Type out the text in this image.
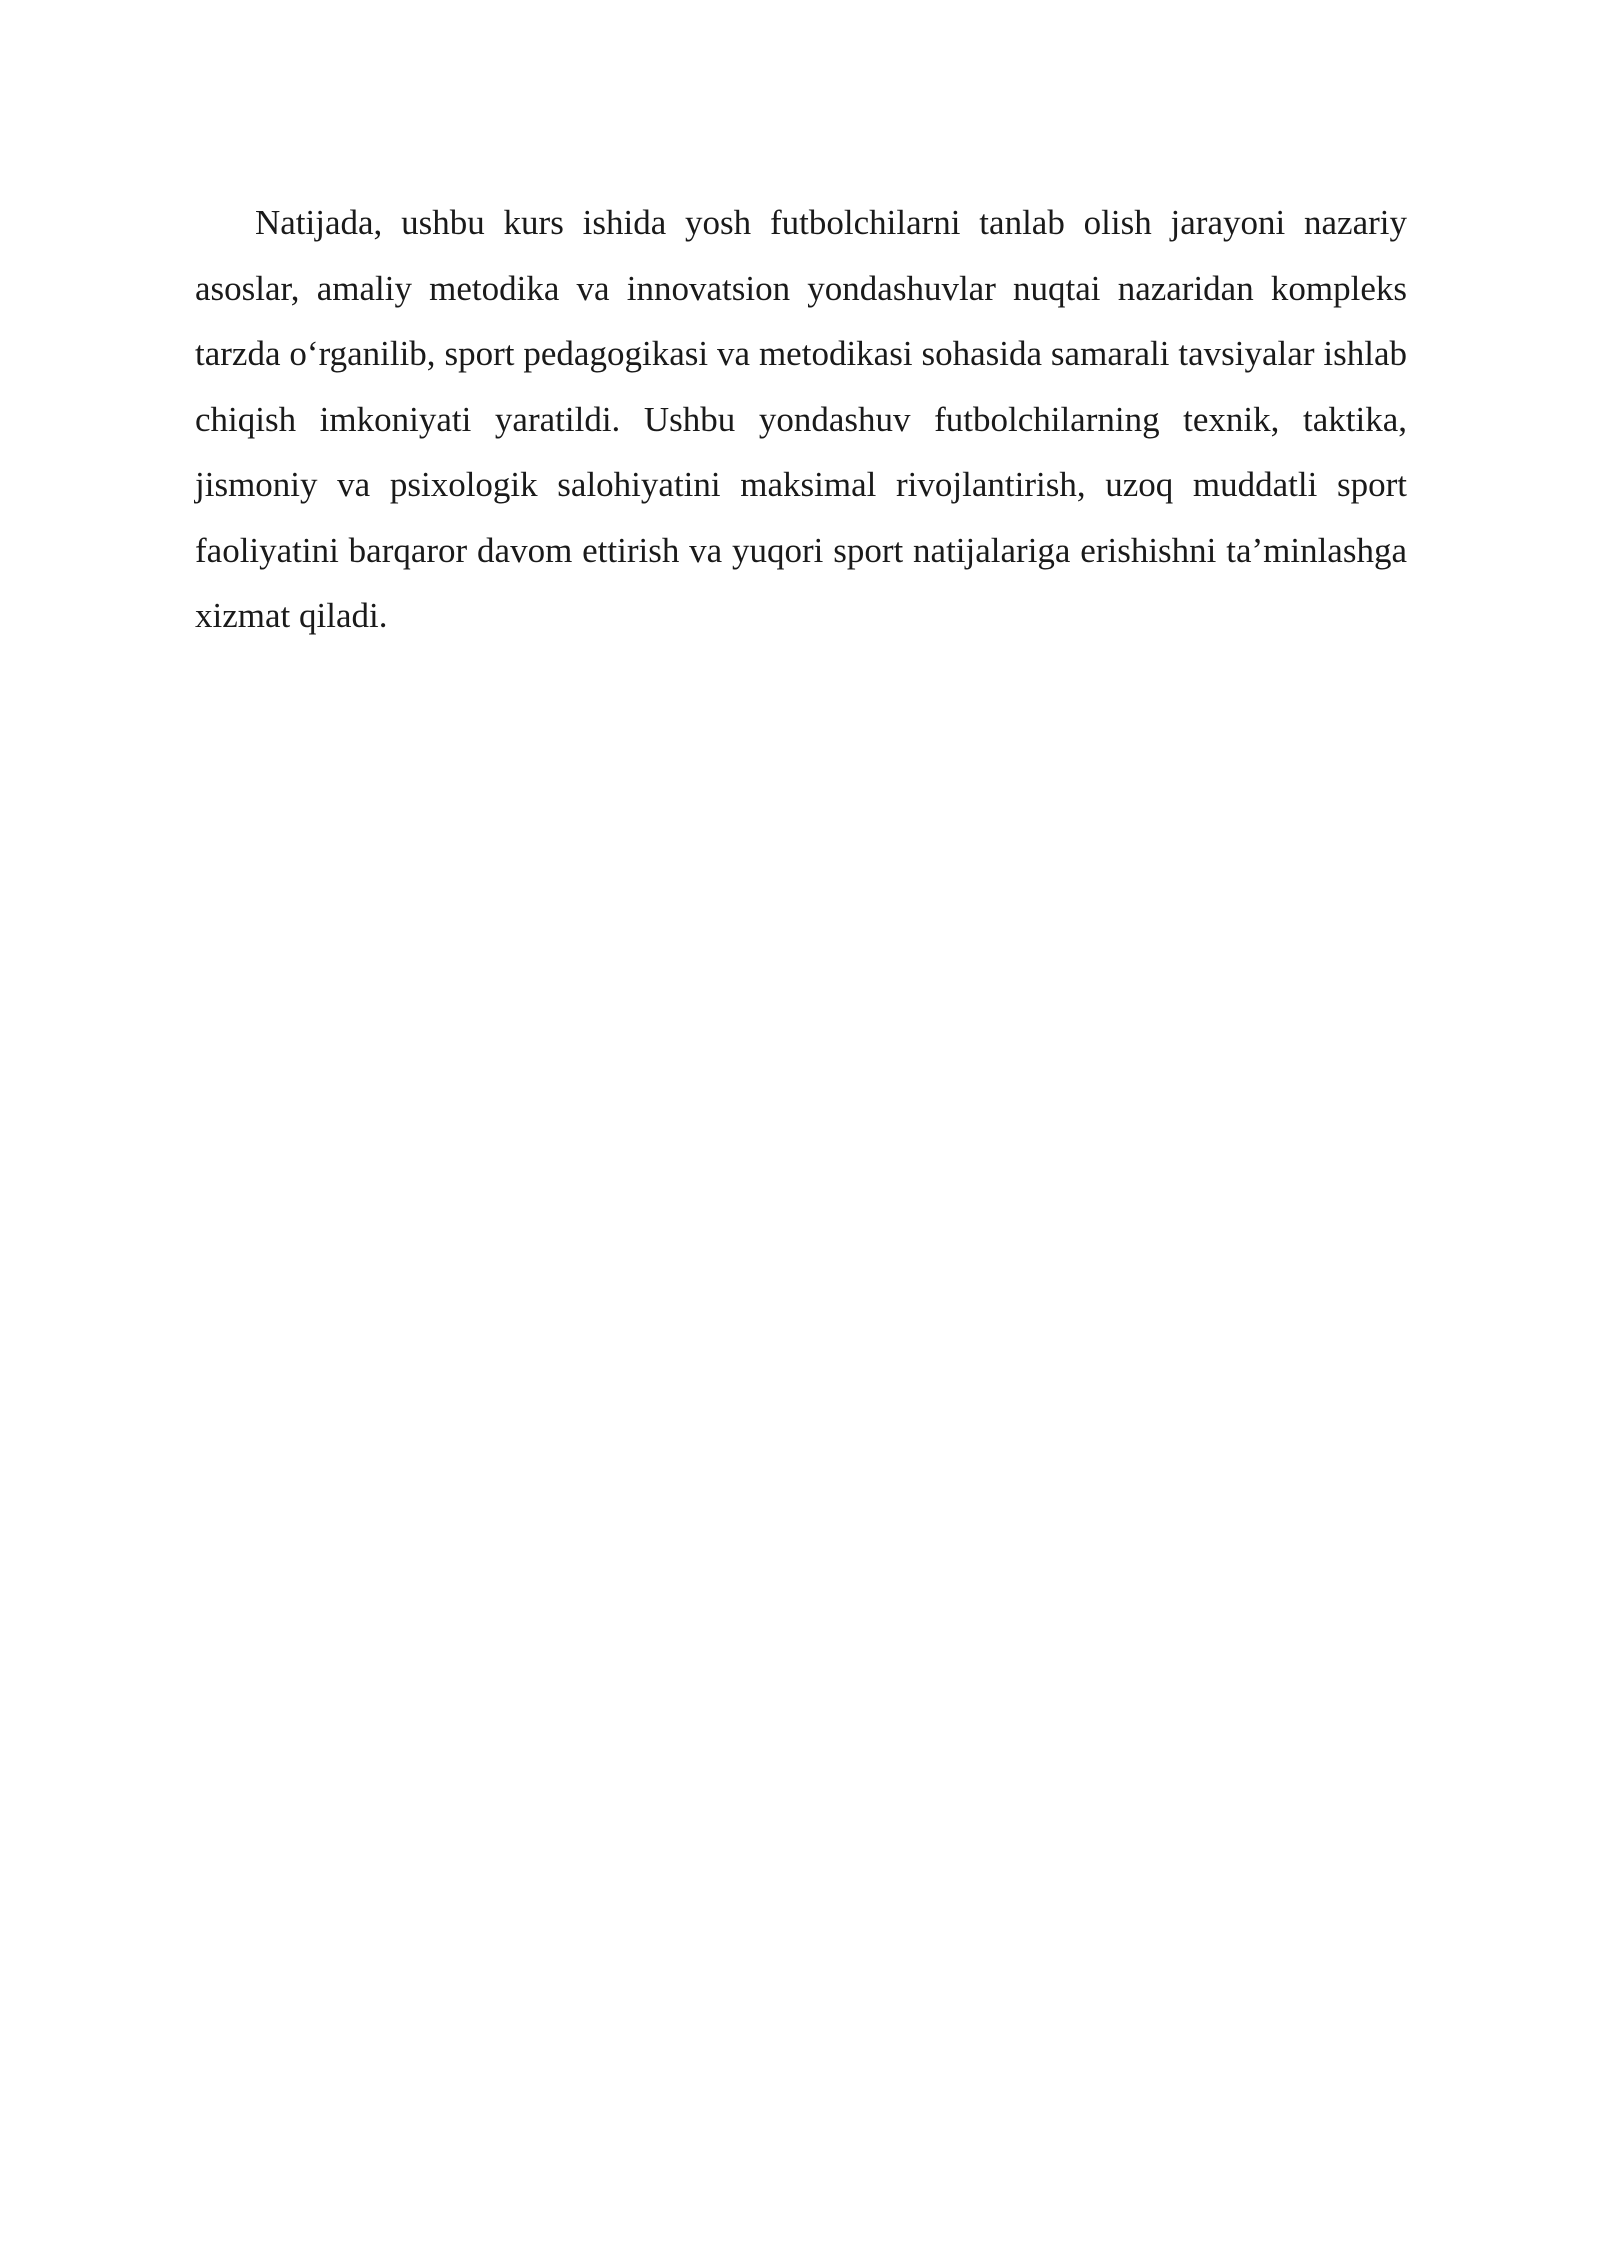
Natijada, ushbu kurs ishida yosh futbolchilarni tanlab olish jarayoni nazariy asoslar, amaliy metodika va innovatsion yondashuvlar nuqtai nazaridan kompleks tarzda o‘rganilib, sport pedagogikasi va metodikasi sohasida samarali tavsiyalar ishlab chiqish imkoniyati yaratildi. Ushbu yondashuv futbolchilarning texnik, taktika, jismoniy va psixologik salohiyatini maksimal rivojlantirish, uzoq muddatli sport faoliyatini barqaror davom ettirish va yuqori sport natijalariga erishishni ta’minlashga xizmat qiladi.
